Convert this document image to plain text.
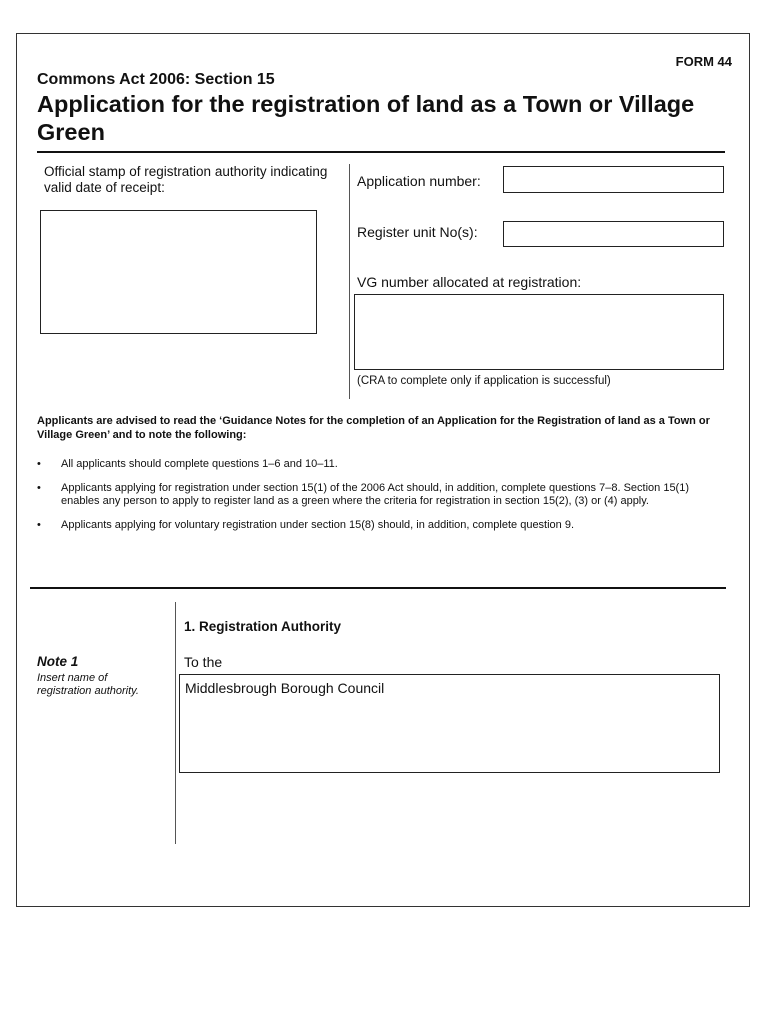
FORM 44
Commons Act 2006: Section 15
Application for the registration of land as a Town or Village Green
Official stamp of registration authority indicating valid date of receipt:	Application number:
Register unit No(s):
VG number allocated at registration:
(CRA to complete only if application is successful)
Applicants are advised to read the ‘Guidance Notes for the completion of an Application for the Registration of land as a Town or Village Green’ and to note the following:
• All applicants should complete questions 1–6 and 10–11.
• Applicants applying for registration under section 15(1) of the 2006 Act should, in addition, complete questions 7–8. Section 15(1) enables any person to apply to register land as a green where the criteria for registration in section 15(2), (3) or (4) apply.
• Applicants applying for voluntary registration under section 15(8) should, in addition, complete question 9.
1. Registration Authority
Note 1
Insert name of registration authority.
To the
Middlesbrough Borough Council
